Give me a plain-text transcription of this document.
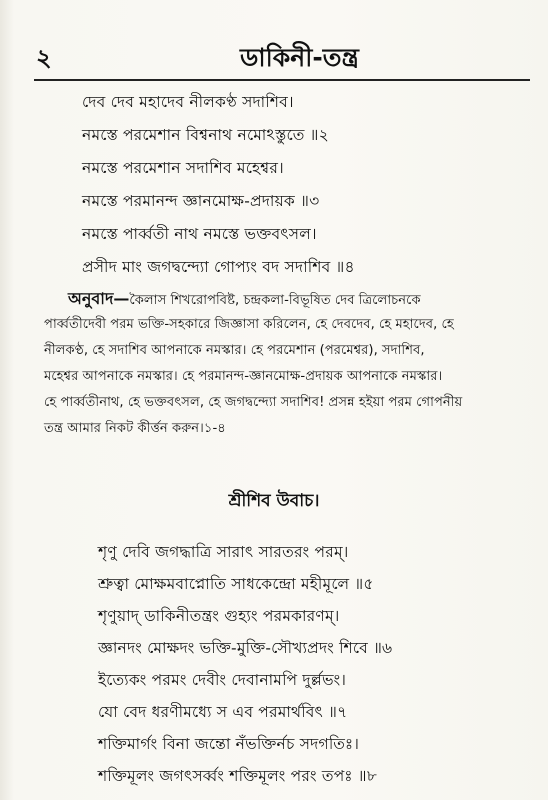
২	ডাকিনী-তন্ত্র
দেব দেব মহাদেব নীলকণ্ঠ সদাশিব।
নমস্তে পরমেশান বিশ্বনাথ নমোঽস্তুতে ॥২
নমস্তে পরমেশান সদাশিব মহেশ্বর।
নমস্তে পরমানন্দ জ্ঞানমোক্ষ-প্রদায়ক ॥৩
নমস্তে পার্ব্বতী নাথ নমস্তে ভক্তবৎসল।
প্রসীদ মাং জগদ্বন্দ্যো গোপ্যং বদ সদাশিব ॥৪
অনুবাদ—কৈলাস শিখরোপবিষ্ট, চন্দ্রকলা-বিভূষিত দেব ত্রিলোচনকে
পার্ব্বতীদেবী পরম ভক্তি-সহকারে জিজ্ঞাসা করিলেন, হে দেবদেব, হে মহাদেব, হে
নীলকণ্ঠ, হে সদাশিব আপনাকে নমস্কার। হে পরমেশান (পরমেশ্বর), সদাশিব,
মহেশ্বর আপনাকে নমস্কার। হে পরমানন্দ-জ্ঞানমোক্ষ-প্রদায়ক আপনাকে নমস্কার।
হে পার্ব্বতীনাথ, হে ভক্তবৎসল, হে জগদ্বন্দ্যো সদাশিব! প্রসন্ন হইয়া পরম গোপনীয়
তন্ত্র আমার নিকট কীর্ত্তন করুন।১-৪
শ্রীশিব উবাচ।
শৃণু দেবি জগদ্ধাত্রি সারাৎ সারতরং পরম্।
শ্রুত্বা মোক্ষমবাপ্নোতি সাধকেন্দ্রো মহীমূলে ॥৫
শৃণুয়াদ্ ডাকিনীতন্ত্রং গুহ্যং পরমকারণম্।
জ্ঞানদং মোক্ষদং ভক্তি-মুক্তি-সৌখ্যপ্রদং শিবে ॥৬
ইত্যেকং পরমং দেবীং দেবানামপি দুর্ল্লভং।
যো বেদ ধরণীমধ্যে স এব পরমার্থবিৎ ॥৭
শক্তিমার্গং বিনা জন্তো নঁভক্তির্নচ সদগতিঃ।
শক্তিমূলং জগৎসর্ব্বং শক্তিমূলং পরং তপঃ ॥৮
